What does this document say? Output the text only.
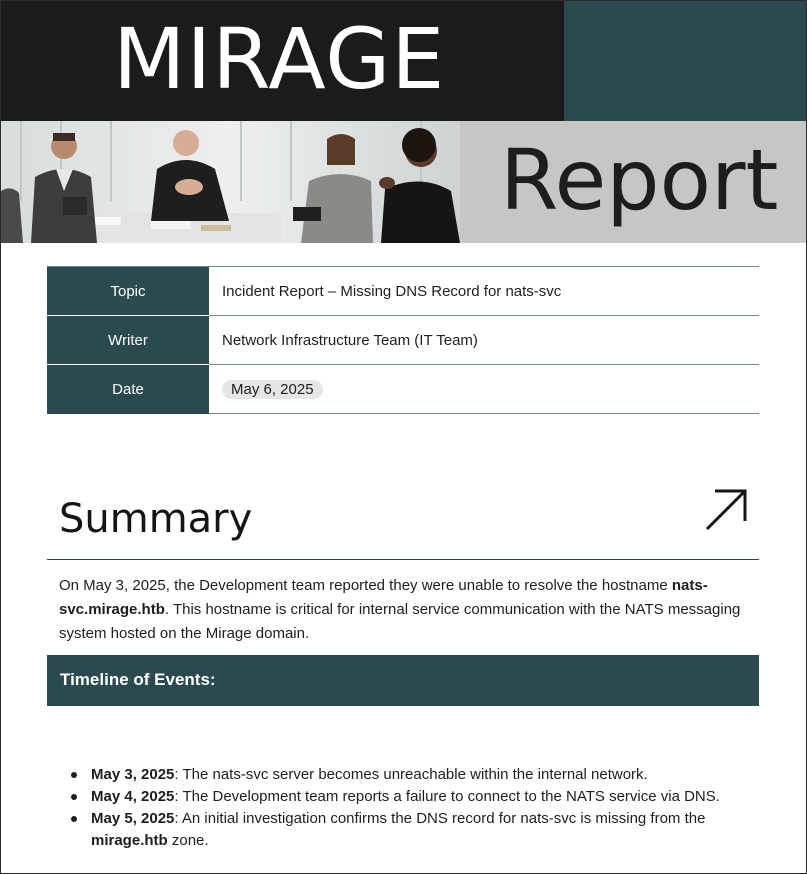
MIRAGE
Report
Topic	Incident Report – Missing DNS Record for nats-svc
Writer	Network Infrastructure Team (IT Team)
Date	May 6, 2025
Summary

On May 3, 2025, the Development team reported they were unable to resolve the hostname nats-svc.mirage.htb. This hostname is critical for internal service communication with the NATS messaging system hosted on the Mirage domain.

Timeline of Events:
May 3, 2025: The nats-svc server becomes unreachable within the internal network.
May 4, 2025: The Development team reports a failure to connect to the NATS service via DNS.
May 5, 2025: An initial investigation confirms the DNS record for nats-svc is missing from the mirage.htb zone.
